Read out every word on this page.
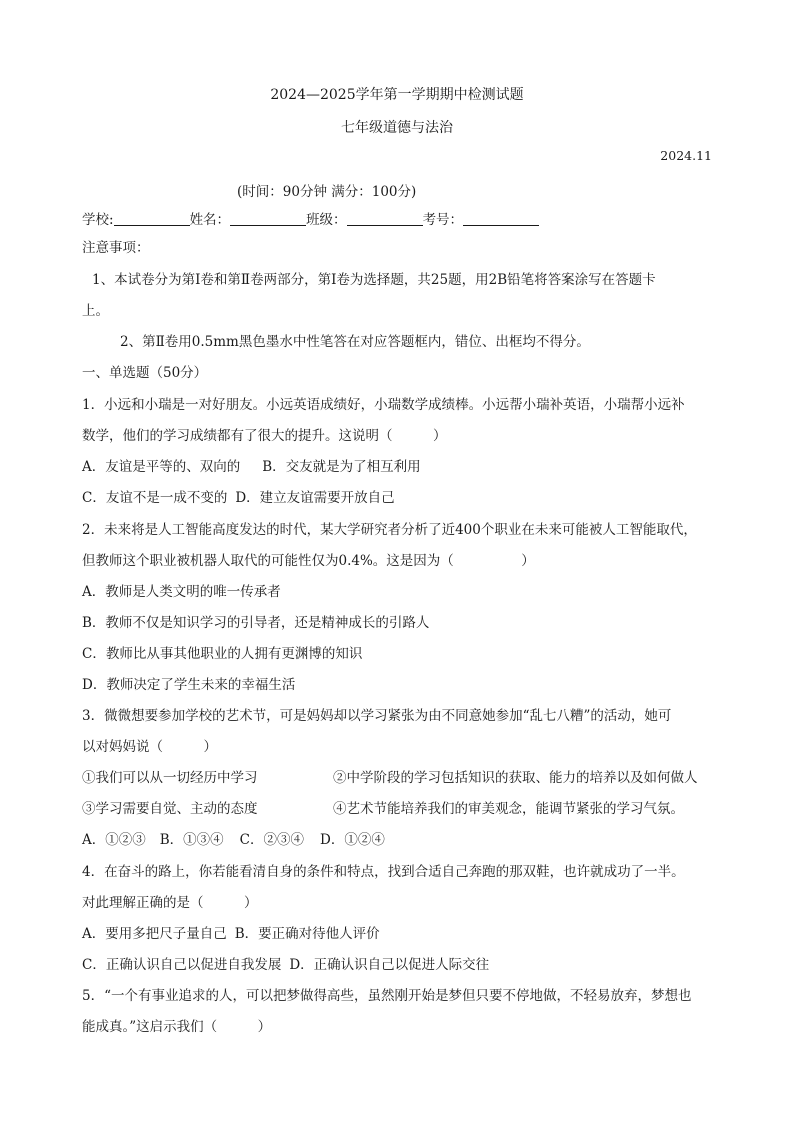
2024—2025学年第一学期期中检测试题
七年级道德与法治
2024.11
(时间：90分钟 满分：100分)
学校:	姓名：	班级：	考号：
注意事项：
1、本试卷分为第Ⅰ卷和第Ⅱ卷两部分，第Ⅰ卷为选择题，共25题，用2B铅笔将答案涂写在答题卡
上。
2、第Ⅱ卷用0.5mm黑色墨水中性笔答在对应答题框内，错位、出框均不得分。
一、单选题（50分）
1．小远和小瑞是一对好朋友。小远英语成绩好，小瑞数学成绩棒。小远帮小瑞补英语，小瑞帮小远补
数学，他们的学习成绩都有了很大的提升。这说明（　　　）
A．友谊是平等的、双向的 B．交友就是为了相互利用
C．友谊不是一成不变的 D．建立友谊需要开放自己
2．未来将是人工智能高度发达的时代，某大学研究者分析了近400个职业在未来可能被人工智能取代，
但教师这个职业被机器人取代的可能性仅为0.4%。这是因为（　　　　　）
A．教师是人类文明的唯一传承者
B．教师不仅是知识学习的引导者，还是精神成长的引路人
C．教师比从事其他职业的人拥有更渊博的知识
D．教师决定了学生未来的幸福生活
3．微微想要参加学校的艺术节，可是妈妈却以学习紧张为由不同意她参加“乱七八糟”的活动，她可
以对妈妈说（　　　）
①我们可以从一切经历中学习	②中学阶段的学习包括知识的获取、能力的培养以及如何做人
③学习需要自觉、主动的态度	④艺术节能培养我们的审美观念，能调节紧张的学习气氛。
A．①②③ B．①③④ C．②③④ D．①②④
4．在奋斗的路上，你若能看清自身的条件和特点，找到合适自己奔跑的那双鞋，也许就成功了一半。
对此理解正确的是（　　　）
A．要用多把尺子量自己 B．要正确对待他人评价
C．正确认识自己以促进自我发展 D．正确认识自己以促进人际交往
5．“一个有事业追求的人，可以把梦做得高些，虽然刚开始是梦但只要不停地做，不轻易放弃，梦想也
能成真。”这启示我们（　　　）
